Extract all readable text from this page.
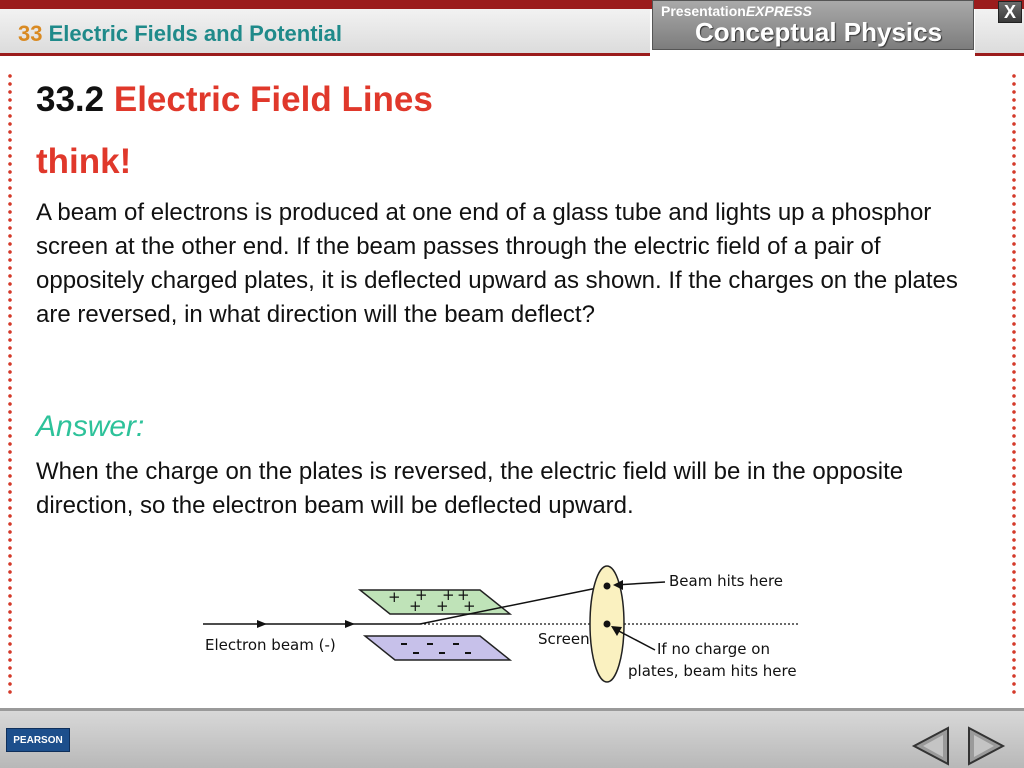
33 Electric Fields and Potential
PresentationEXPRESS
Conceptual Physics
X
33.2 Electric Field Lines
think!
A beam of electrons is produced at one end of a glass tube and lights up a phosphor screen at the other end. If the beam passes through the electric field of a pair of oppositely charged plates, it is deflected upward as shown. If the charges on the plates are reversed, in what direction will the beam deflect?
Answer:
When the charge on the plates is reversed, the electric field will be in the opposite direction, so the electron beam will be deflected upward.
+ + + +
+ + +
Electron beam (-)	Screen
Beam hits here
If no charge on
plates, beam hits here
PEARSON
